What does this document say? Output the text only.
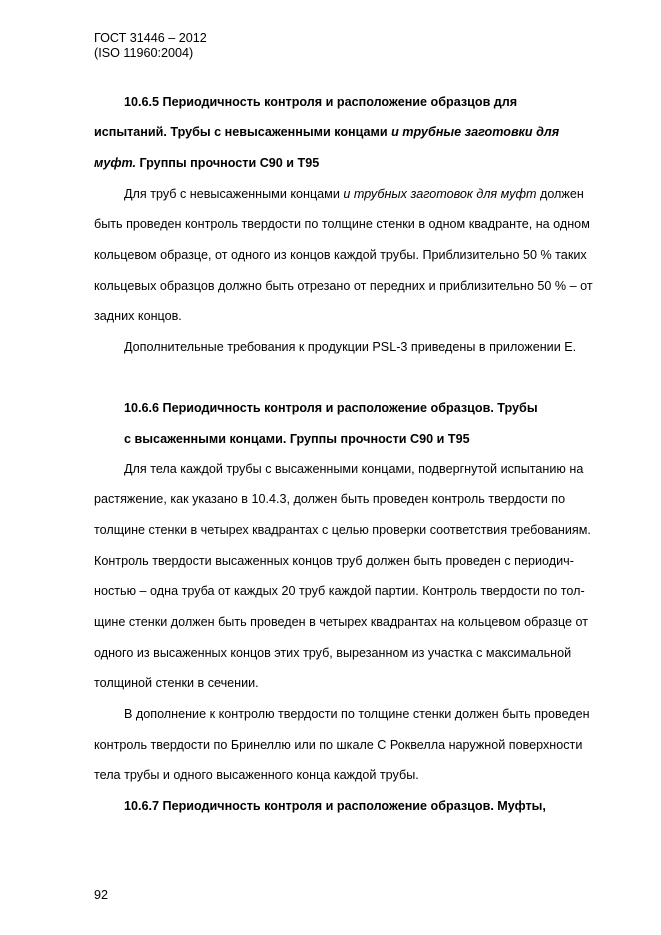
ГОСТ 31446 – 2012
(ISO 11960:2004)
10.6.5 Периодичность контроля и расположение образцов для
испытаний. Трубы с невысаженными концами и трубные заготовки для
муфт. Группы прочности С90 и Т95
Для труб с невысаженными концами и трубных заготовок для муфт должен
быть проведен контроль твердости по толщине стенки в одном квадранте, на одном
кольцевом образце, от одного из концов каждой трубы. Приблизительно 50 % таких
кольцевых образцов должно быть отрезано от передних и приблизительно 50 % – от
задних концов.
Дополнительные требования к продукции PSL-3 приведены в приложении Е.
10.6.6 Периодичность контроля и расположение образцов. Трубы
с высаженными концами. Группы прочности С90 и Т95
Для тела каждой трубы с высаженными концами, подвергнутой испытанию на
растяжение, как указано в 10.4.3, должен быть проведен контроль твердости по
толщине стенки в четырех квадрантах с целью проверки соответствия требованиям.
Контроль твердости высаженных концов труб должен быть проведен с периодич-
ностью – одна труба от каждых 20 труб каждой партии. Контроль твердости по тол-
щине стенки должен быть проведен в четырех квадрантах на кольцевом образце от
одного из высаженных концов этих труб, вырезанном из участка с максимальной
толщиной стенки в сечении.
В дополнение к контролю твердости по толщине стенки должен быть проведен
контроль твердости по Бринеллю или по шкале С Роквелла наружной поверхности
тела трубы и одного высаженного конца каждой трубы.
10.6.7 Периодичность контроля и расположение образцов. Муфты,
92
